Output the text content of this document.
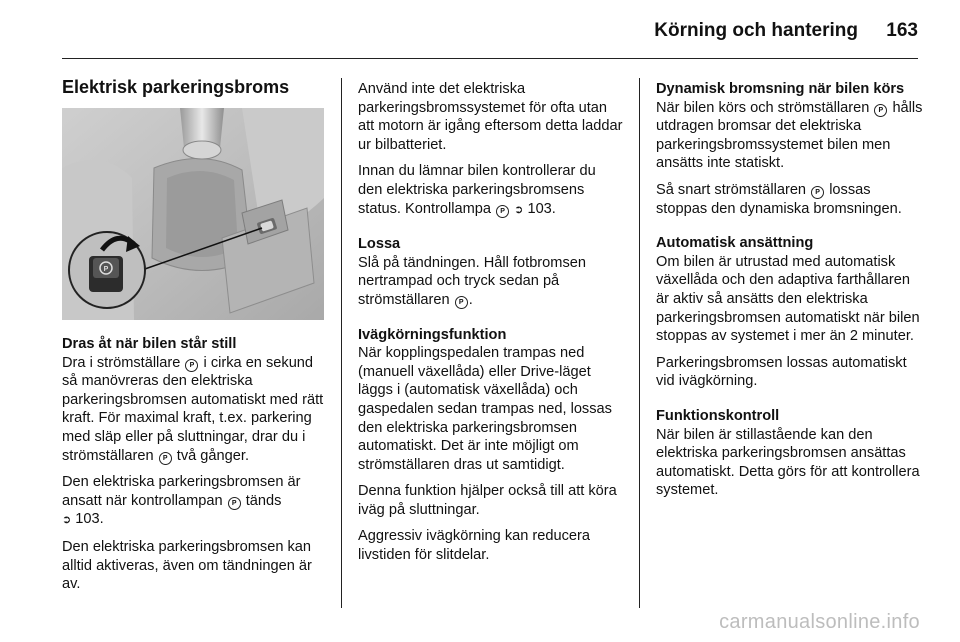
Körning och hantering 163
Elektrisk parkeringsbroms
P

Dras åt när bilen står still

Dra i strömställare P i cirka en sekund så manövreras den elektriska parkeringsbromsen automatiskt med rätt kraft. För maximal kraft, t.ex. parkering med släp eller på sluttningar, drar du i strömställaren P två gånger.

Den elektriska parkeringsbromsen är ansatt när kontrollampan P tänds
➲ 103.

Den elektriska parkeringsbromsen kan alltid aktiveras, även om tändningen är av.

Använd inte det elektriska parkeringsbromssystemet för ofta utan att motorn är igång eftersom detta laddar ur bilbatteriet.

Innan du lämnar bilen kontrollerar du den elektriska parkeringsbromsens status. Kontrollampa P ➲ 103.

Lossa

Slå på tändningen. Håll fotbromsen nertrampad och tryck sedan på strömställaren P .

Ivägkörningsfunktion

När kopplingspedalen trampas ned (manuell växellåda) eller Drive-läget läggs i (automatisk växellåda) och gaspedalen sedan trampas ned, lossas den elektriska parkeringsbromsen automatiskt. Det är inte möjligt om strömställaren dras ut samtidigt.

Denna funktion hjälper också till att köra iväg på sluttningar.

Aggressiv ivägkörning kan reducera livstiden för slitdelar.

Dynamisk bromsning när bilen körs

När bilen körs och strömställaren P hålls utdragen bromsar det elektriska parkeringsbromssystemet bilen men ansätts inte statiskt.

Så snart strömställaren P lossas stoppas den dynamiska bromsningen.

Automatisk ansättning

Om bilen är utrustad med automatisk växellåda och den adaptiva farthållaren är aktiv så ansätts den elektriska parkeringsbromsen automatiskt när bilen stoppas av systemet i mer än 2 minuter.

Parkeringsbromsen lossas automatiskt vid ivägkörning.

Funktionskontroll

När bilen är stillastående kan den elektriska parkeringsbromsen ansättas automatiskt. Detta görs för att kontrollera systemet.

carmanualsonline.info
